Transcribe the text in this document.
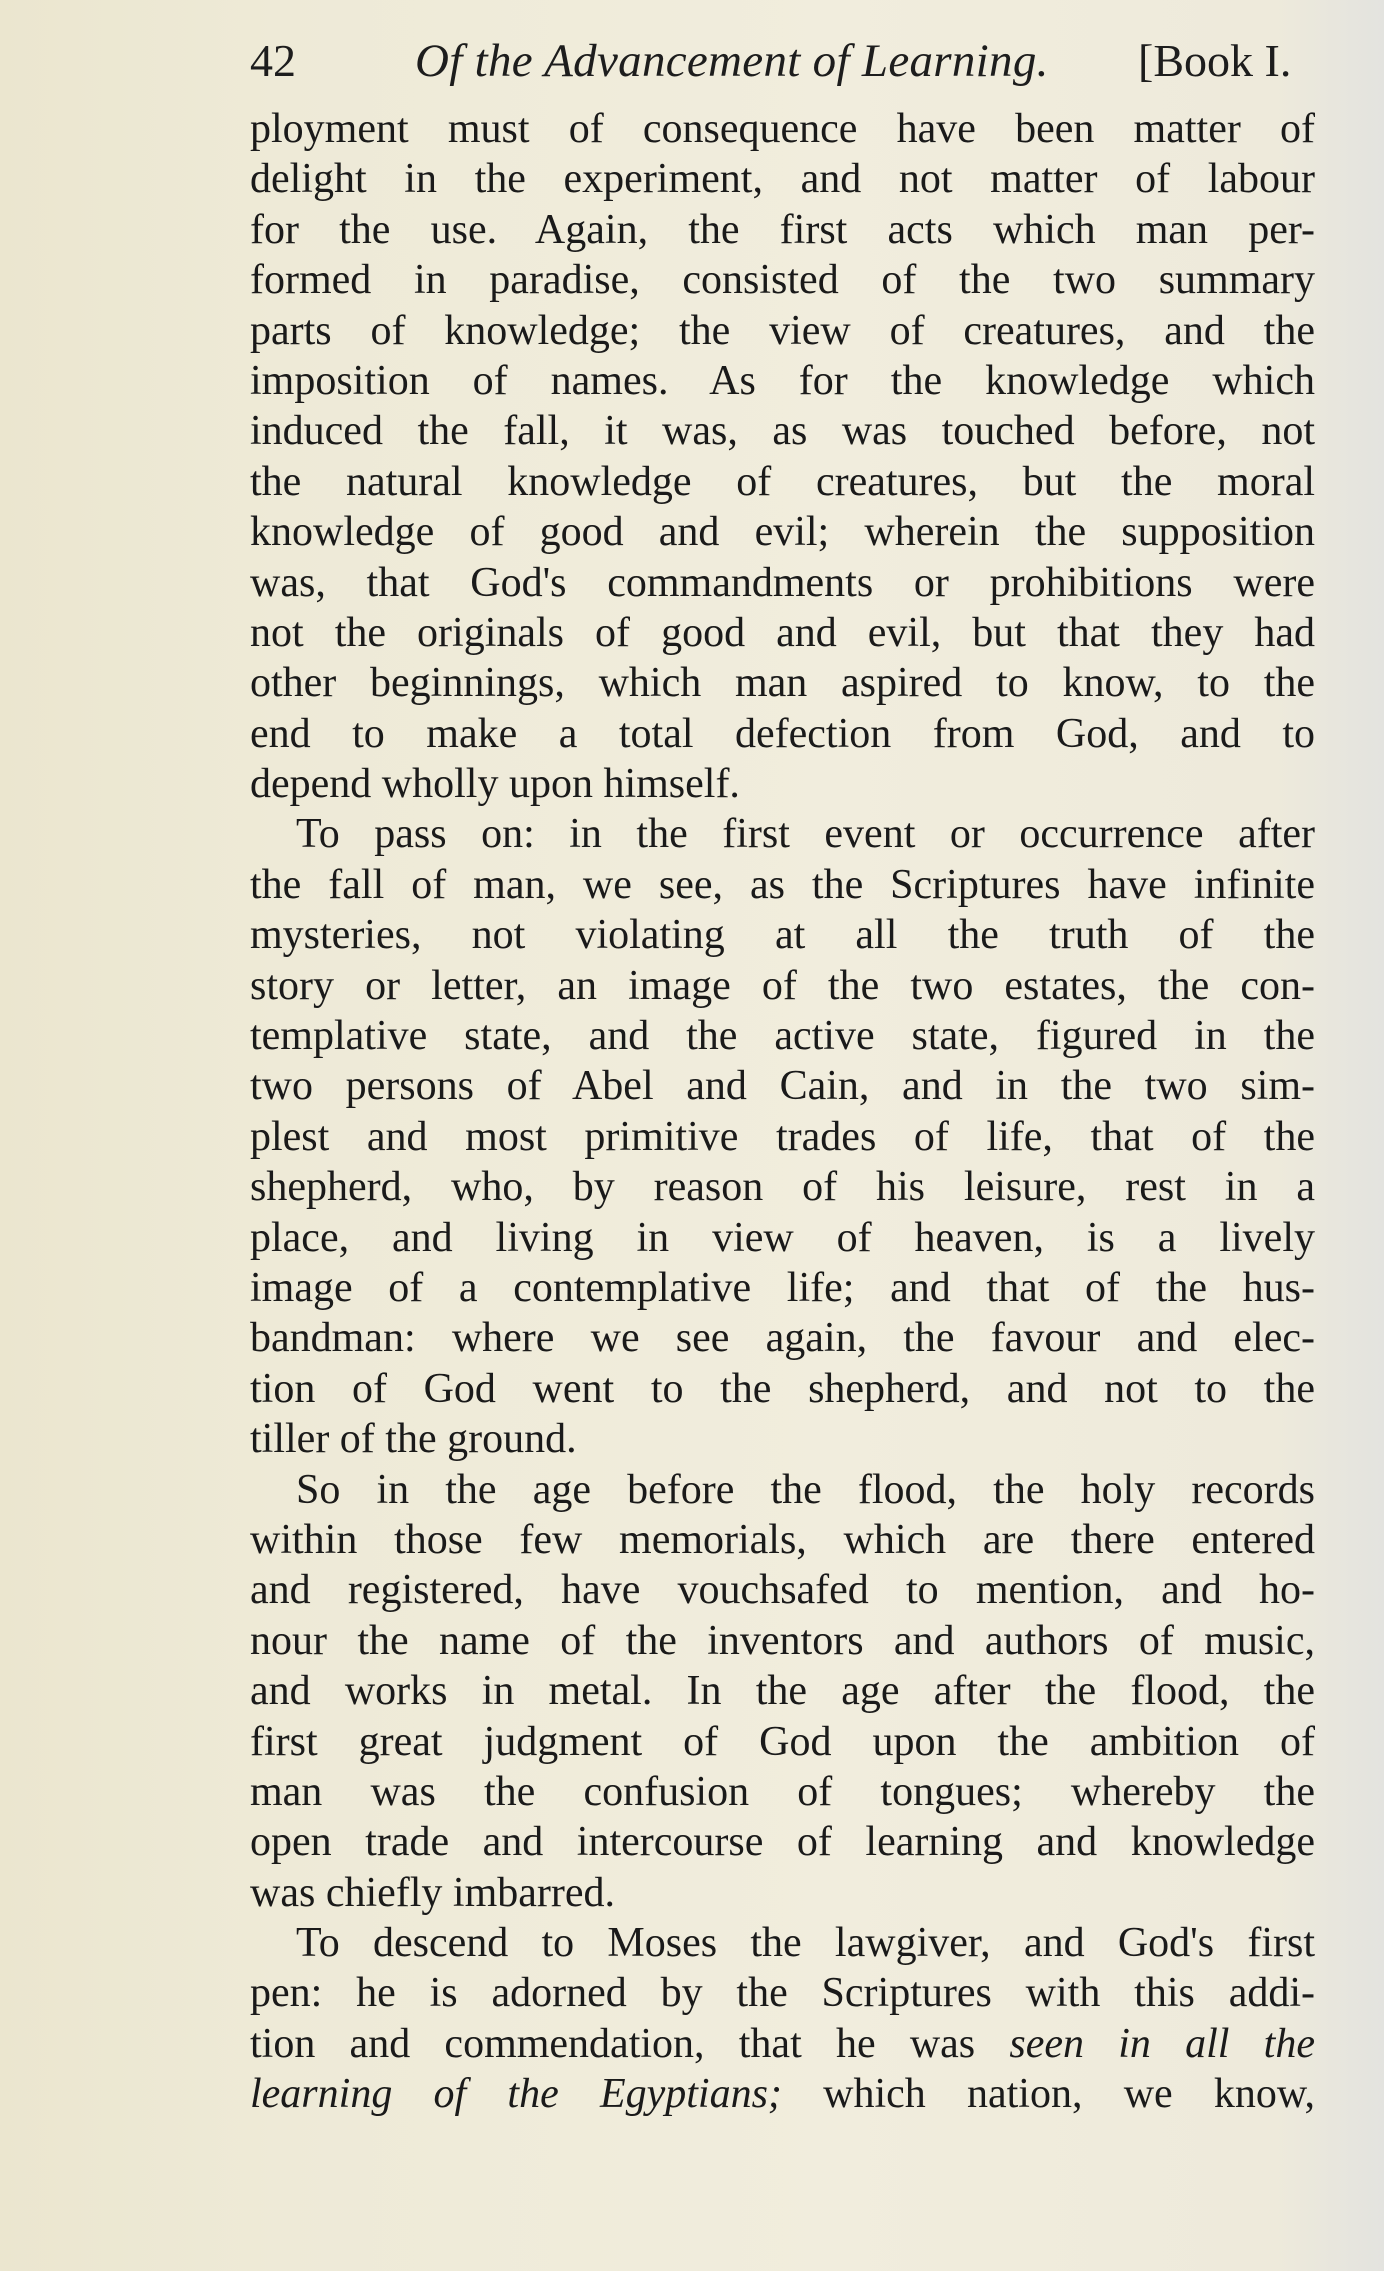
42	Of the Advancement of Learning. [Book I.
ployment must of consequence have been matter of
delight in the experiment, and not matter of labour
for the use. Again, the first acts which man per-
formed in paradise, consisted of the two summary
parts of knowledge; the view of creatures, and the
imposition of names. As for the knowledge which
induced the fall, it was, as was touched before, not
the natural knowledge of creatures, but the moral
knowledge of good and evil; wherein the supposition
was, that God's commandments or prohibitions were
not the originals of good and evil, but that they had
other beginnings, which man aspired to know, to the
end to make a total defection from God, and to
depend wholly upon himself.
To pass on: in the first event or occurrence after
the fall of man, we see, as the Scriptures have infinite
mysteries, not violating at all the truth of the
story or letter, an image of the two estates, the con-
templative state, and the active state, figured in the
two persons of Abel and Cain, and in the two sim-
plest and most primitive trades of life, that of the
shepherd, who, by reason of his leisure, rest in a
place, and living in view of heaven, is a lively
image of a contemplative life; and that of the hus-
bandman: where we see again, the favour and elec-
tion of God went to the shepherd, and not to the
tiller of the ground.
So in the age before the flood, the holy records
within those few memorials, which are there entered
and registered, have vouchsafed to mention, and ho-
nour the name of the inventors and authors of music,
and works in metal. In the age after the flood, the
first great judgment of God upon the ambition of
man was the confusion of tongues; whereby the
open trade and intercourse of learning and knowledge
was chiefly imbarred.
To descend to Moses the lawgiver, and God's first
pen: he is adorned by the Scriptures with this addi-
tion and commendation, that he was seen in all the
learning of the Egyptians; which nation, we know,
